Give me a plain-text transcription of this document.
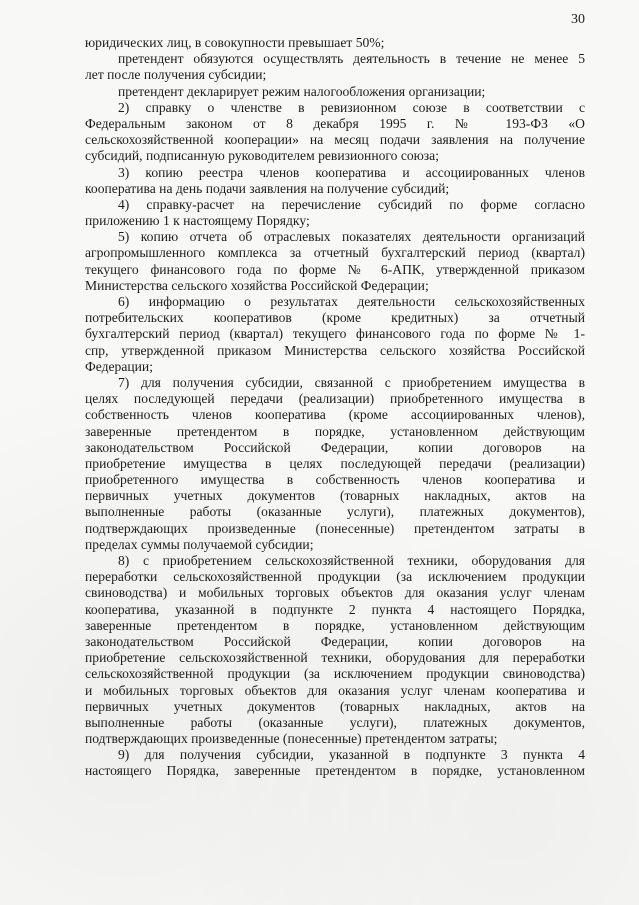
30
юридических лиц, в совокупности превышает 50%;
претендент обязуются осуществлять деятельность в течение не менее 5
лет после получения субсидии;
претендент декларирует режим налогообложения организации;
2) справку о членстве в ревизионном союзе в соответствии с
Федеральным законом от 8 декабря 1995 г. № 193-ФЗ «О
сельскохозяйственной кооперации» на месяц подачи заявления на получение
субсидий, подписанную руководителем ревизионного союза;
3) копию реестра членов кооператива и ассоциированных членов
кооператива на день подачи заявления на получение субсидий;
4) справку-расчет на перечисление субсидий по форме согласно
приложению 1 к настоящему Порядку;
5) копию отчета об отраслевых показателях деятельности организаций
агропромышленного комплекса за отчетный бухгалтерский период (квартал)
текущего финансового года по форме № 6-АПК, утвержденной приказом
Министерства сельского хозяйства Российской Федерации;
6) информацию о результатах деятельности сельскохозяйственных
потребительских кооперативов (кроме кредитных) за отчетный
бухгалтерский период (квартал) текущего финансового года по форме № 1-
спр, утвержденной приказом Министерства сельского хозяйства Российской
Федерации;
7) для получения субсидии, связанной с приобретением имущества в
целях последующей передачи (реализации) приобретенного имущества в
собственность членов кооператива (кроме ассоциированных членов),
заверенные претендентом в порядке, установленном действующим
законодательством Российской Федерации, копии договоров на
приобретение имущества в целях последующей передачи (реализации)
приобретенного имущества в собственность членов кооператива и
первичных учетных документов (товарных накладных, актов на
выполненные работы (оказанные услуги), платежных документов),
подтверждающих произведенные (понесенные) претендентом затраты в
пределах суммы получаемой субсидии;
8) с приобретением сельскохозяйственной техники, оборудования для
переработки сельскохозяйственной продукции (за исключением продукции
свиноводства) и мобильных торговых объектов для оказания услуг членам
кооператива, указанной в подпункте 2 пункта 4 настоящего Порядка,
заверенные претендентом в порядке, установленном действующим
законодательством Российской Федерации, копии договоров на
приобретение сельскохозяйственной техники, оборудования для переработки
сельскохозяйственной продукции (за исключением продукции свиноводства)
и мобильных торговых объектов для оказания услуг членам кооператива и
первичных учетных документов (товарных накладных, актов на
выполненные работы (оказанные услуги), платежных документов,
подтверждающих произведенные (понесенные) претендентом затраты;
9) для получения субсидии, указанной в подпункте 3 пункта 4
настоящего Порядка, заверенные претендентом в порядке, установленном
